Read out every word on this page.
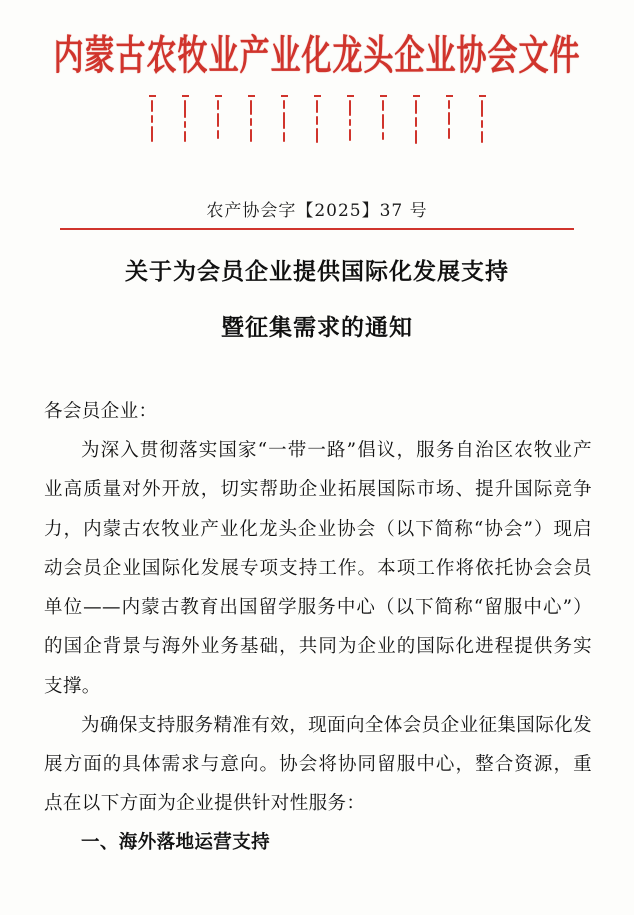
内蒙古农牧业产业化龙头企业协会文件
农产协会字【2025】37 号
关于为会员企业提供国际化发展支持
暨征集需求的通知

各会员企业：

为深入贯彻落实国家“一带一路”倡议，服务自治区农牧业产业高质量对外开放，切实帮助企业拓展国际市场、提升国际竞争力，内蒙古农牧业产业化龙头企业协会（以下简称“协会”）现启动会员企业国际化发展专项支持工作。本项工作将依托协会会员单位——内蒙古教育出国留学服务中心（以下简称“留服中心”）的国企背景与海外业务基础，共同为企业的国际化进程提供务实支撑。

为确保支持服务精准有效，现面向全体会员企业征集国际化发展方面的具体需求与意向。协会将协同留服中心，整合资源，重点在以下方面为企业提供针对性服务：

一、海外落地运营支持
